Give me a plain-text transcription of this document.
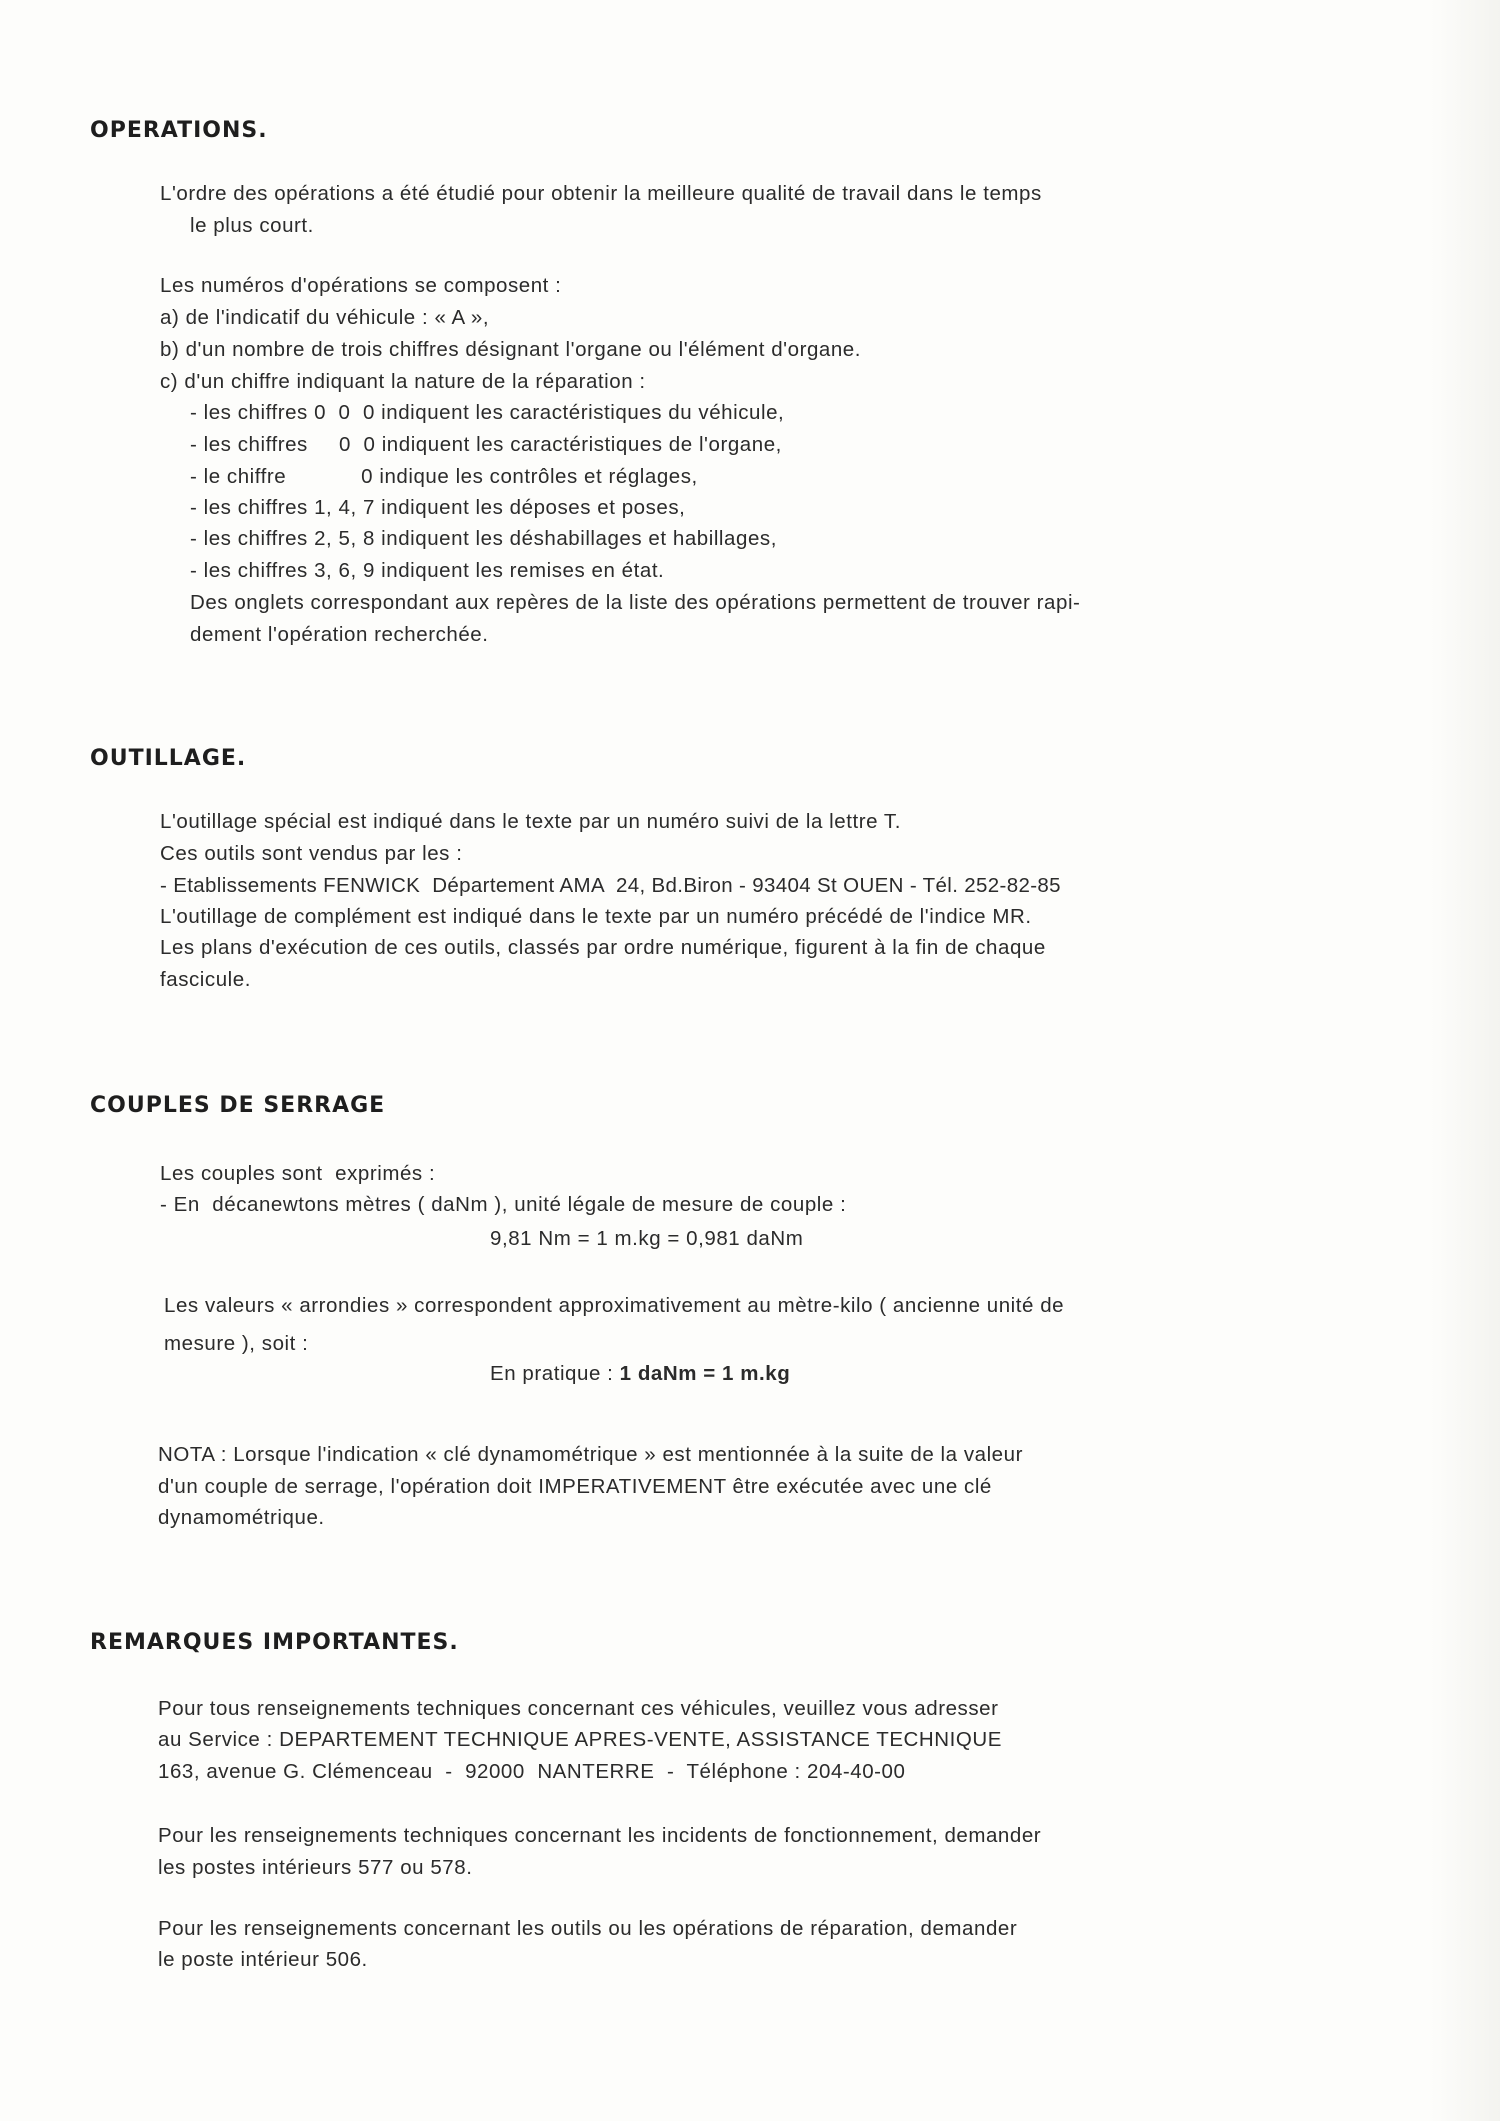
OPERATIONS.

L'ordre des opérations a été étudié pour obtenir la meilleure qualité de travail dans le temps

le plus court.

Les numéros d'opérations se composent :

a) de l'indicatif du véhicule : « A »,

b) d'un nombre de trois chiffres désignant l'organe ou l'élément d'organe.

c) d'un chiffre indiquant la nature de la réparation :

- les chiffres 0  0  0 indiquent les caractéristiques du véhicule,

- les chiffres     0  0 indiquent les caractéristiques de l'organe,

- le chiffre            0 indique les contrôles et réglages,

- les chiffres 1, 4, 7 indiquent les déposes et poses,

- les chiffres 2, 5, 8 indiquent les déshabillages et habillages,

- les chiffres 3, 6, 9 indiquent les remises en état.

Des onglets correspondant aux repères de la liste des opérations permettent de trouver rapi-

dement l'opération recherchée.

OUTILLAGE.

L'outillage spécial est indiqué dans le texte par un numéro suivi de la lettre T.

Ces outils sont vendus par les :

- Etablissements FENWICK  Département AMA  24, Bd.Biron - 93404 St OUEN - Tél. 252-82-85

L'outillage de complément est indiqué dans le texte par un numéro précédé de l'indice MR.

Les plans d'exécution de ces outils, classés par ordre numérique, figurent à la fin de chaque

fascicule.

COUPLES DE SERRAGE

Les couples sont  exprimés :

- En  décanewtons mètres ( daNm ), unité légale de mesure de couple :

9,81 Nm = 1 m.kg = 0,981 daNm

Les valeurs « arrondies » correspondent approximativement au mètre-kilo ( ancienne unité de

mesure ), soit :

En pratique : 1 daNm = 1 m.kg

NOTA : Lorsque l'indication « clé dynamométrique » est mentionnée à la suite de la valeur

d'un couple de serrage, l'opération doit IMPERATIVEMENT être exécutée avec une clé

dynamométrique.

REMARQUES IMPORTANTES.

Pour tous renseignements techniques concernant ces véhicules, veuillez vous adresser

au Service : DEPARTEMENT TECHNIQUE APRES-VENTE, ASSISTANCE TECHNIQUE

163, avenue G. Clémenceau  -  92000  NANTERRE  -  Téléphone : 204-40-00

Pour les renseignements techniques concernant les incidents de fonctionnement, demander

les postes intérieurs 577 ou 578.

Pour les renseignements concernant les outils ou les opérations de réparation, demander

le poste intérieur 506.
